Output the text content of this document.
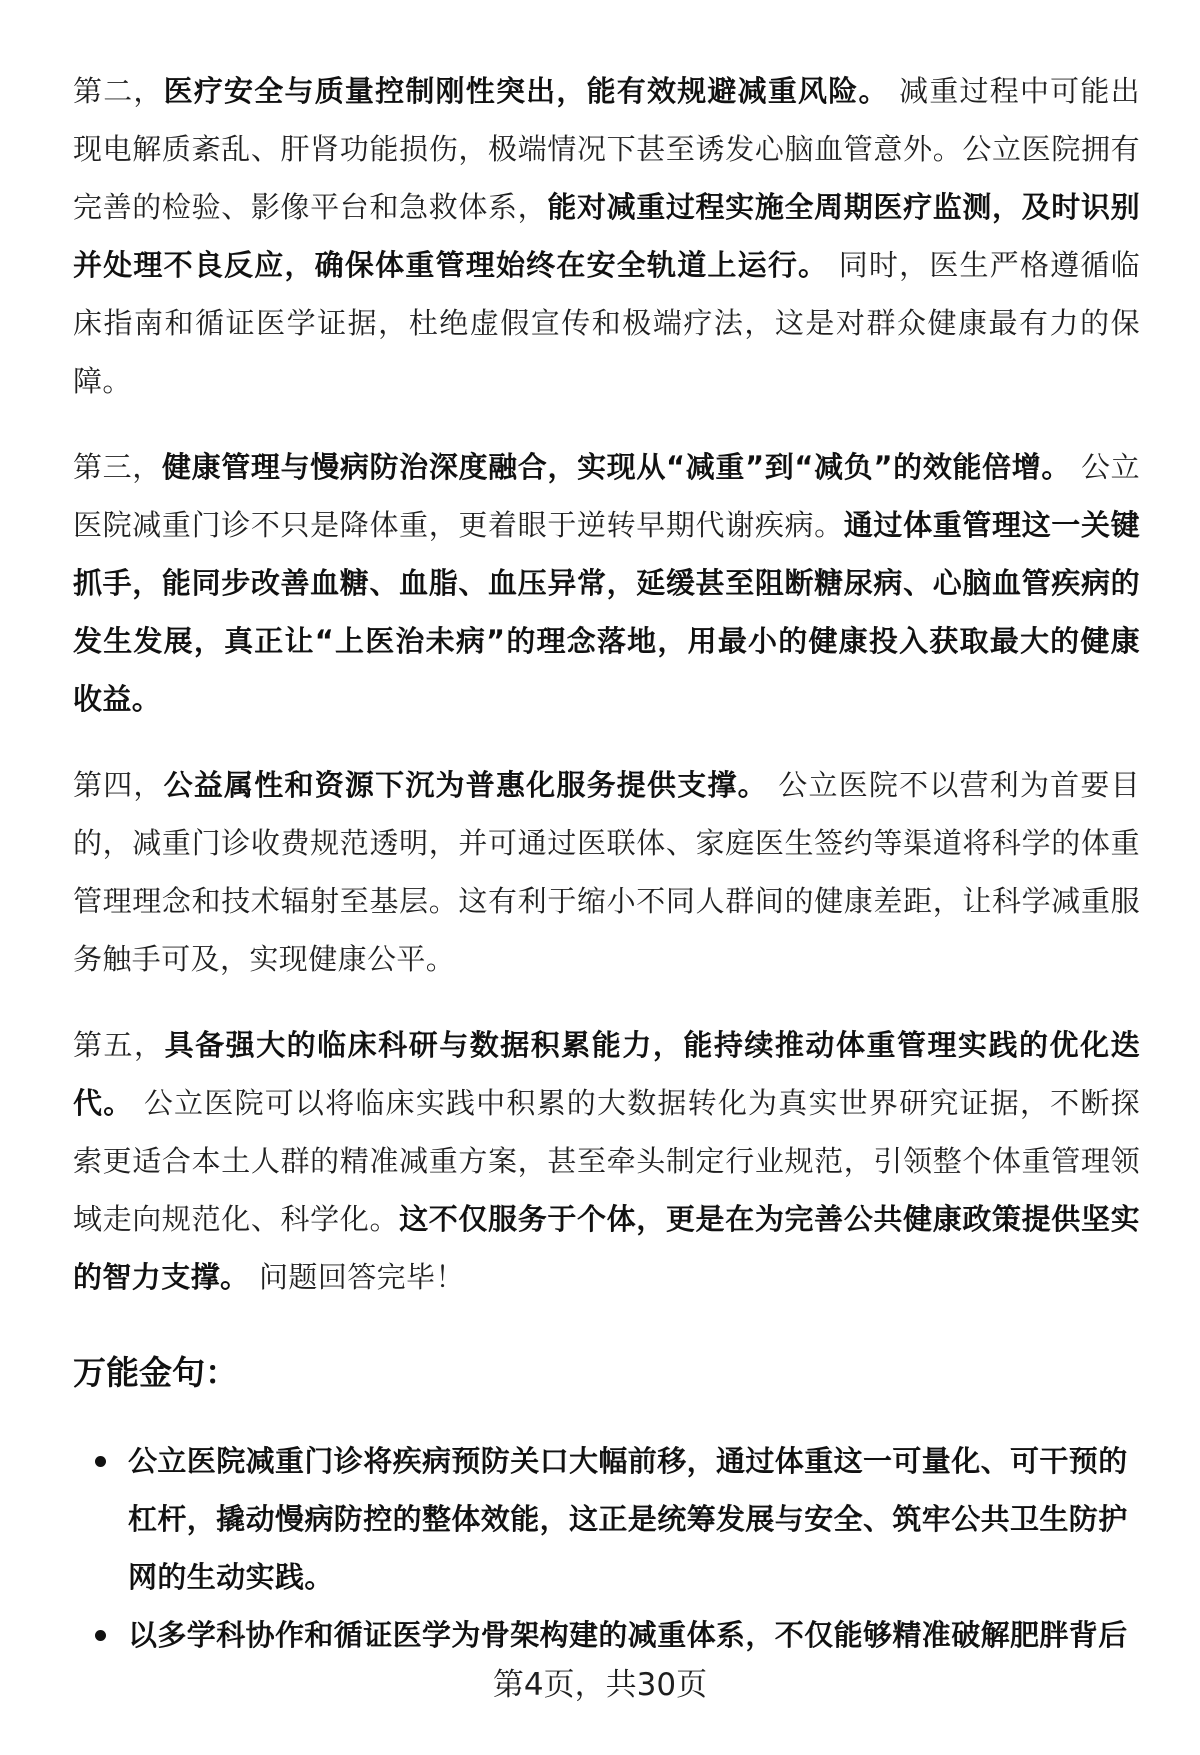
第二，医疗安全与质量控制刚性突出，能有效规避减重风险。 减重过程中可能出现电解质紊乱、肝肾功能损伤，极端情况下甚至诱发心脑血管意外。公立医院拥有完善的检验、影像平台和急救体系，能对减重过程实施全周期医疗监测，及时识别并处理不良反应，确保体重管理始终在安全轨道上运行。 同时，医生严格遵循临床指南和循证医学证据，杜绝虚假宣传和极端疗法，这是对群众健康最有力的保障。

第三，健康管理与慢病防治深度融合，实现从“减重”到“减负”的效能倍增。 公立医院减重门诊不只是降体重，更着眼于逆转早期代谢疾病。通过体重管理这一关键抓手，能同步改善血糖、血脂、血压异常，延缓甚至阻断糖尿病、心脑血管疾病的发生发展，真正让“上医治未病”的理念落地，用最小的健康投入获取最大的健康收益。

第四，公益属性和资源下沉为普惠化服务提供支撑。 公立医院不以营利为首要目的，减重门诊收费规范透明，并可通过医联体、家庭医生签约等渠道将科学的体重管理理念和技术辐射至基层。这有利于缩小不同人群间的健康差距，让科学减重服务触手可及，实现健康公平。

第五，具备强大的临床科研与数据积累能力，能持续推动体重管理实践的优化迭代。 公立医院可以将临床实践中积累的大数据转化为真实世界研究证据，不断探索更适合本土人群的精准减重方案，甚至牵头制定行业规范，引领整个体重管理领域走向规范化、科学化。这不仅服务于个体，更是在为完善公共健康政策提供坚实的智力支撑。 问题回答完毕！

万能金句：
公立医院减重门诊将疾病预防关口大幅前移，通过体重这一可量化、可干预的杠杆，撬动慢病防控的整体效能，这正是统筹发展与安全、筑牢公共卫生防护网的生动实践。
以多学科协作和循证医学为骨架构建的减重体系，不仅能够精准破解肥胖背后
第4页，共30页
